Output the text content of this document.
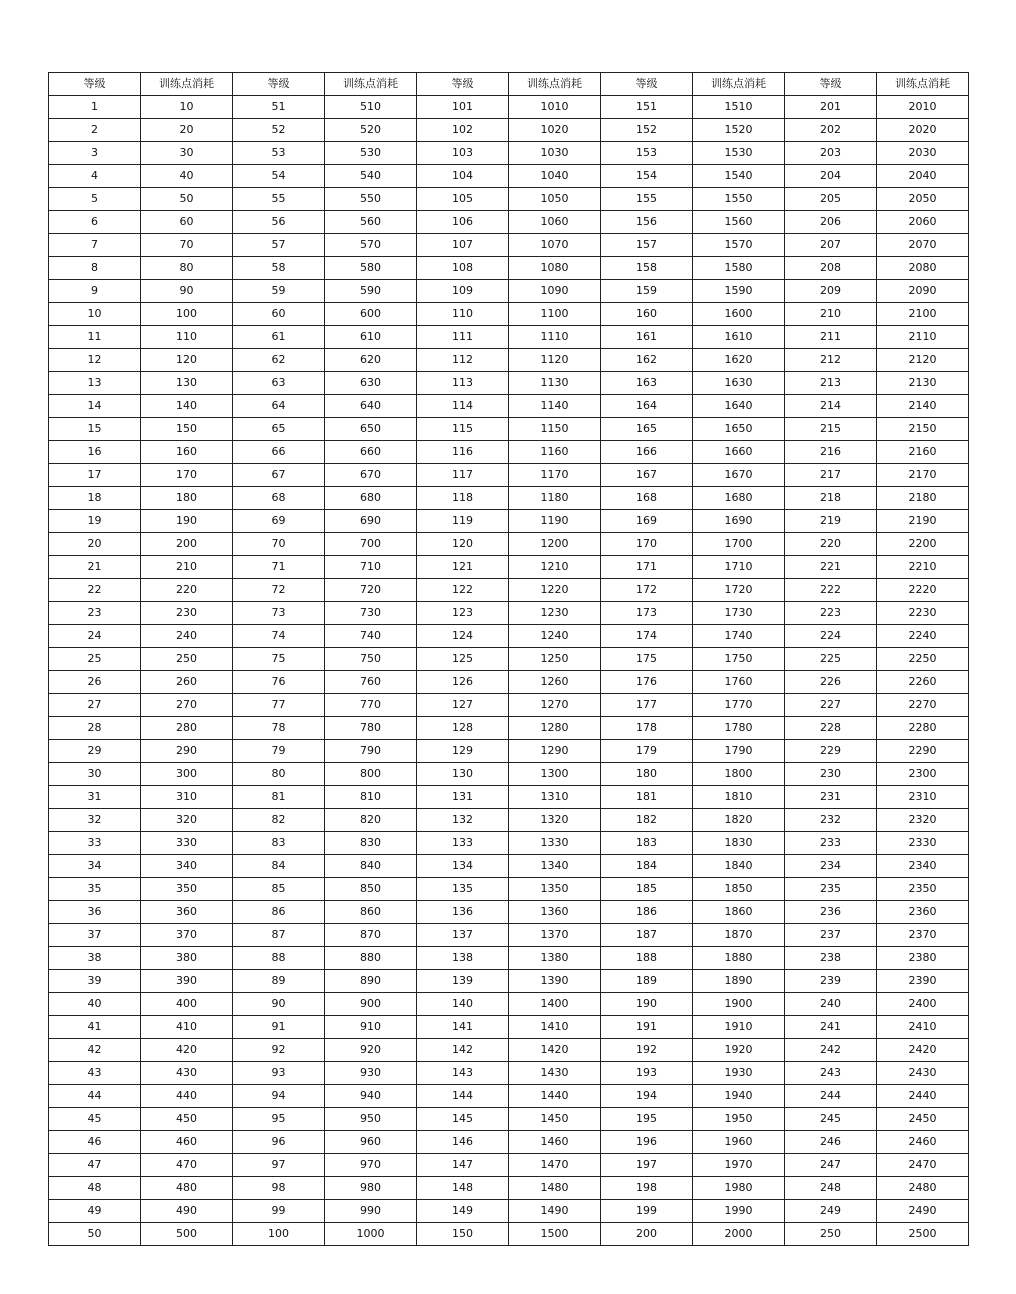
等级	训练点消耗	等级	训练点消耗	等级	训练点消耗	等级	训练点消耗	等级	训练点消耗
1	10	51	510	101	1010	151	1510	201	2010
2	20	52	520	102	1020	152	1520	202	2020
3	30	53	530	103	1030	153	1530	203	2030
4	40	54	540	104	1040	154	1540	204	2040
5	50	55	550	105	1050	155	1550	205	2050
6	60	56	560	106	1060	156	1560	206	2060
7	70	57	570	107	1070	157	1570	207	2070
8	80	58	580	108	1080	158	1580	208	2080
9	90	59	590	109	1090	159	1590	209	2090
10	100	60	600	110	1100	160	1600	210	2100
11	110	61	610	111	1110	161	1610	211	2110
12	120	62	620	112	1120	162	1620	212	2120
13	130	63	630	113	1130	163	1630	213	2130
14	140	64	640	114	1140	164	1640	214	2140
15	150	65	650	115	1150	165	1650	215	2150
16	160	66	660	116	1160	166	1660	216	2160
17	170	67	670	117	1170	167	1670	217	2170
18	180	68	680	118	1180	168	1680	218	2180
19	190	69	690	119	1190	169	1690	219	2190
20	200	70	700	120	1200	170	1700	220	2200
21	210	71	710	121	1210	171	1710	221	2210
22	220	72	720	122	1220	172	1720	222	2220
23	230	73	730	123	1230	173	1730	223	2230
24	240	74	740	124	1240	174	1740	224	2240
25	250	75	750	125	1250	175	1750	225	2250
26	260	76	760	126	1260	176	1760	226	2260
27	270	77	770	127	1270	177	1770	227	2270
28	280	78	780	128	1280	178	1780	228	2280
29	290	79	790	129	1290	179	1790	229	2290
30	300	80	800	130	1300	180	1800	230	2300
31	310	81	810	131	1310	181	1810	231	2310
32	320	82	820	132	1320	182	1820	232	2320
33	330	83	830	133	1330	183	1830	233	2330
34	340	84	840	134	1340	184	1840	234	2340
35	350	85	850	135	1350	185	1850	235	2350
36	360	86	860	136	1360	186	1860	236	2360
37	370	87	870	137	1370	187	1870	237	2370
38	380	88	880	138	1380	188	1880	238	2380
39	390	89	890	139	1390	189	1890	239	2390
40	400	90	900	140	1400	190	1900	240	2400
41	410	91	910	141	1410	191	1910	241	2410
42	420	92	920	142	1420	192	1920	242	2420
43	430	93	930	143	1430	193	1930	243	2430
44	440	94	940	144	1440	194	1940	244	2440
45	450	95	950	145	1450	195	1950	245	2450
46	460	96	960	146	1460	196	1960	246	2460
47	470	97	970	147	1470	197	1970	247	2470
48	480	98	980	148	1480	198	1980	248	2480
49	490	99	990	149	1490	199	1990	249	2490
50	500	100	1000	150	1500	200	2000	250	2500
